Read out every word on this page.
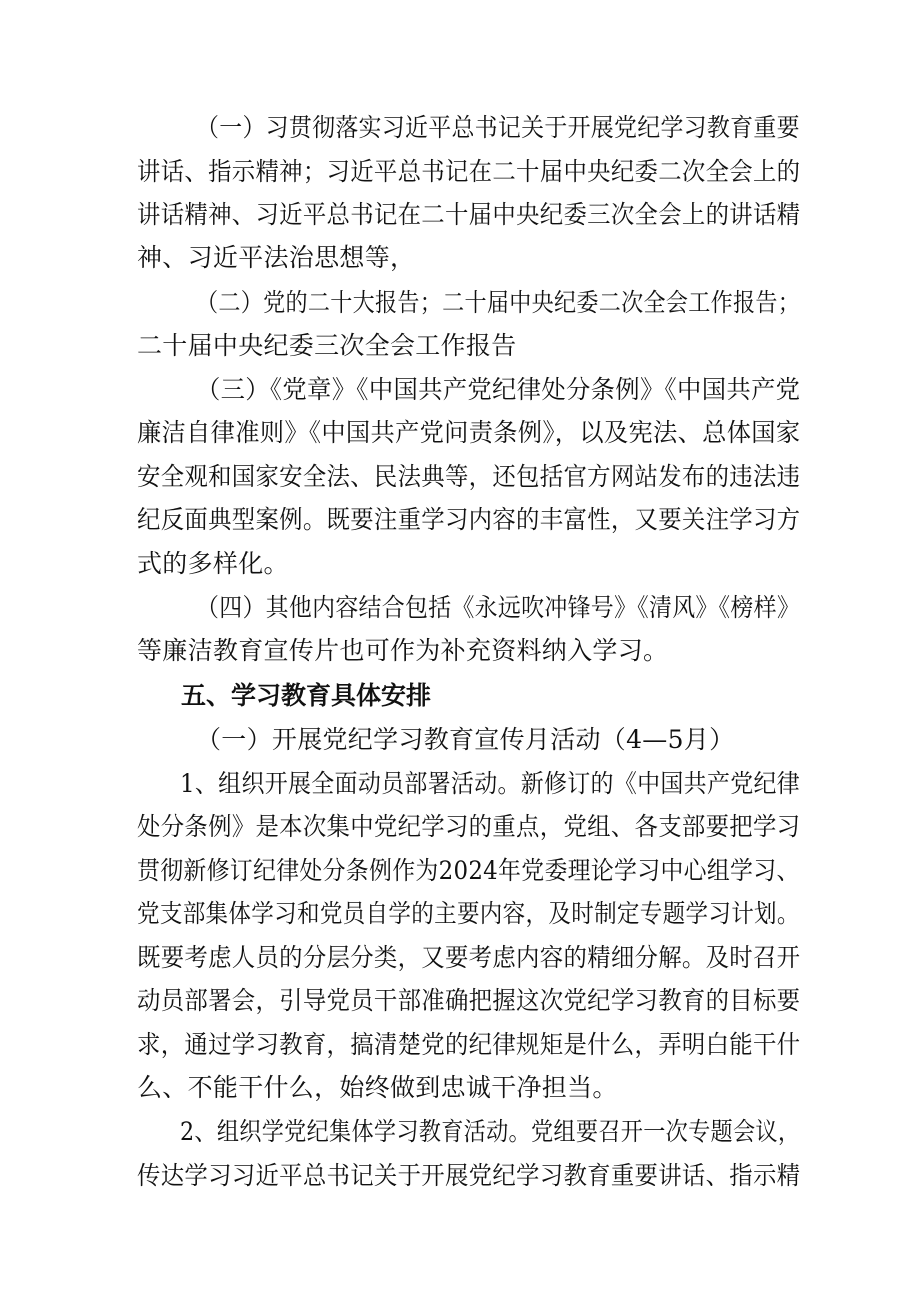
（一）习贯彻落实习近平总书记关于开展党纪学习教育重要
讲话、指示精神；习近平总书记在二十届中央纪委二次全会上的
讲话精神、习近平总书记在二十届中央纪委三次全会上的讲话精
神、习近平法治思想等，
（二）党的二十大报告；二十届中央纪委二次全会工作报告；
二十届中央纪委三次全会工作报告
（三）《党章》《中国共产党纪律处分条例》《中国共产党
廉洁自律准则》《中国共产党问责条例》，以及宪法、总体国家
安全观和国家安全法、民法典等，还包括官方网站发布的违法违
纪反面典型案例。既要注重学习内容的丰富性，又要关注学习方
式的多样化。
（四）其他内容结合包括《永远吹冲锋号》《清风》《榜样》
等廉洁教育宣传片也可作为补充资料纳入学习。
五、学习教育具体安排
（一）开展党纪学习教育宣传月活动（4—5月）
1、组织开展全面动员部署活动。新修订的《中国共产党纪律
处分条例》是本次集中党纪学习的重点，党组、各支部要把学习
贯彻新修订纪律处分条例作为2024年党委理论学习中心组学习、
党支部集体学习和党员自学的主要内容，及时制定专题学习计划。
既要考虑人员的分层分类，又要考虑内容的精细分解。及时召开
动员部署会，引导党员干部准确把握这次党纪学习教育的目标要
求，通过学习教育，搞清楚党的纪律规矩是什么，弄明白能干什
么、不能干什么，始终做到忠诚干净担当。
2、组织学党纪集体学习教育活动。党组要召开一次专题会议，
传达学习习近平总书记关于开展党纪学习教育重要讲话、指示精
